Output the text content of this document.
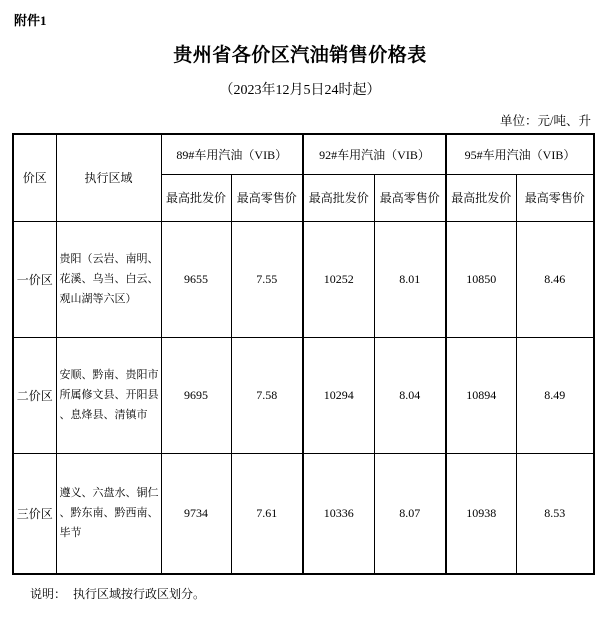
附件1
贵州省各价区汽油销售价格表
（2023年12月5日24时起）
单位：元/吨、升
价区	执行区域	89#车用汽油（VIB）		92#车用汽油（VIB）		95#车用汽油（VIB）	
		最高批发价	最高零售价	最高批发价	最高零售价	最高批发价	最高零售价
一价区	贵阳（云岩、南明、花溪、乌当、白云、观山湖等六区）	9655	7.55	10252	8.01	10850	8.46
二价区	安顺、黔南、贵阳市所属修文县、开阳县、息烽县、清镇市	9695	7.58	10294	8.04	10894	8.49
三价区	遵义、六盘水、铜仁、黔东南、黔西南、毕节	9734	7.61	10336	8.07	10938	8.53
说明： 执行区域按行政区划分。
